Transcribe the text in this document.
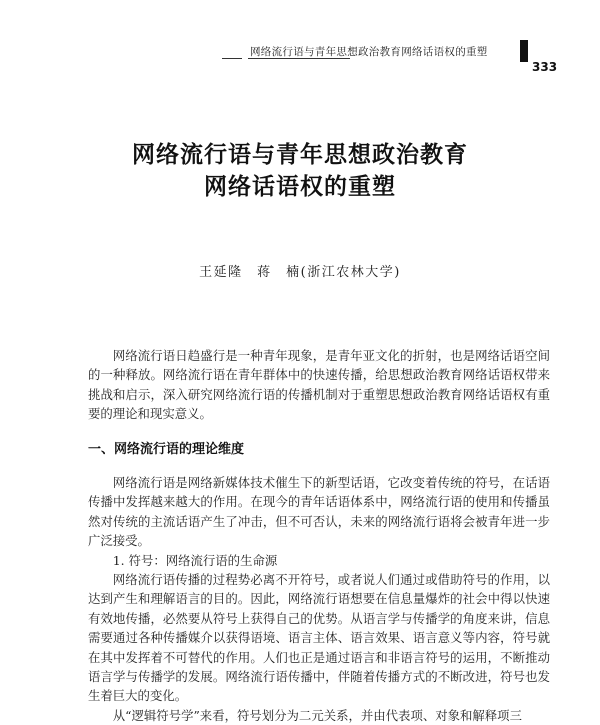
网络流行语与青年思想政治教育网络话语权的重塑
333
网络流行语与青年思想政治教育
网络话语权的重塑
王延隆　蒋　楠(浙江农林大学)

网络流行语日趋盛行是一种青年现象，是青年亚文化的折射，也是网络话语空间的一种释放。网络流行语在青年群体中的快速传播，给思想政治教育网络话语权带来挑战和启示，深入研究网络流行语的传播机制对于重塑思想政治教育网络话语权有重要的理论和现实意义。

一、网络流行语的理论维度

网络流行语是网络新媒体技术催生下的新型话语，它改变着传统的符号，在话语传播中发挥越来越大的作用。在现今的青年话语体系中，网络流行语的使用和传播虽然对传统的主流话语产生了冲击，但不可否认，未来的网络流行语将会被青年进一步广泛接受。

1. 符号：网络流行语的生命源

网络流行语传播的过程势必离不开符号，或者说人们通过或借助符号的作用，以达到产生和理解语言的目的。因此，网络流行语想要在信息量爆炸的社会中得以快速有效地传播，必然要从符号上获得自己的优势。从语言学与传播学的角度来讲，信息需要通过各种传播媒介以获得语境、语言主体、语言效果、语言意义等内容，符号就在其中发挥着不可替代的作用。人们也正是通过语言和非语言符号的运用，不断推动语言学与传播学的发展。网络流行语传播中，伴随着传播方式的不断改进，符号也发生着巨大的变化。

从“逻辑符号学”来看，符号划分为二元关系，并由代表项、对象和解释项三
